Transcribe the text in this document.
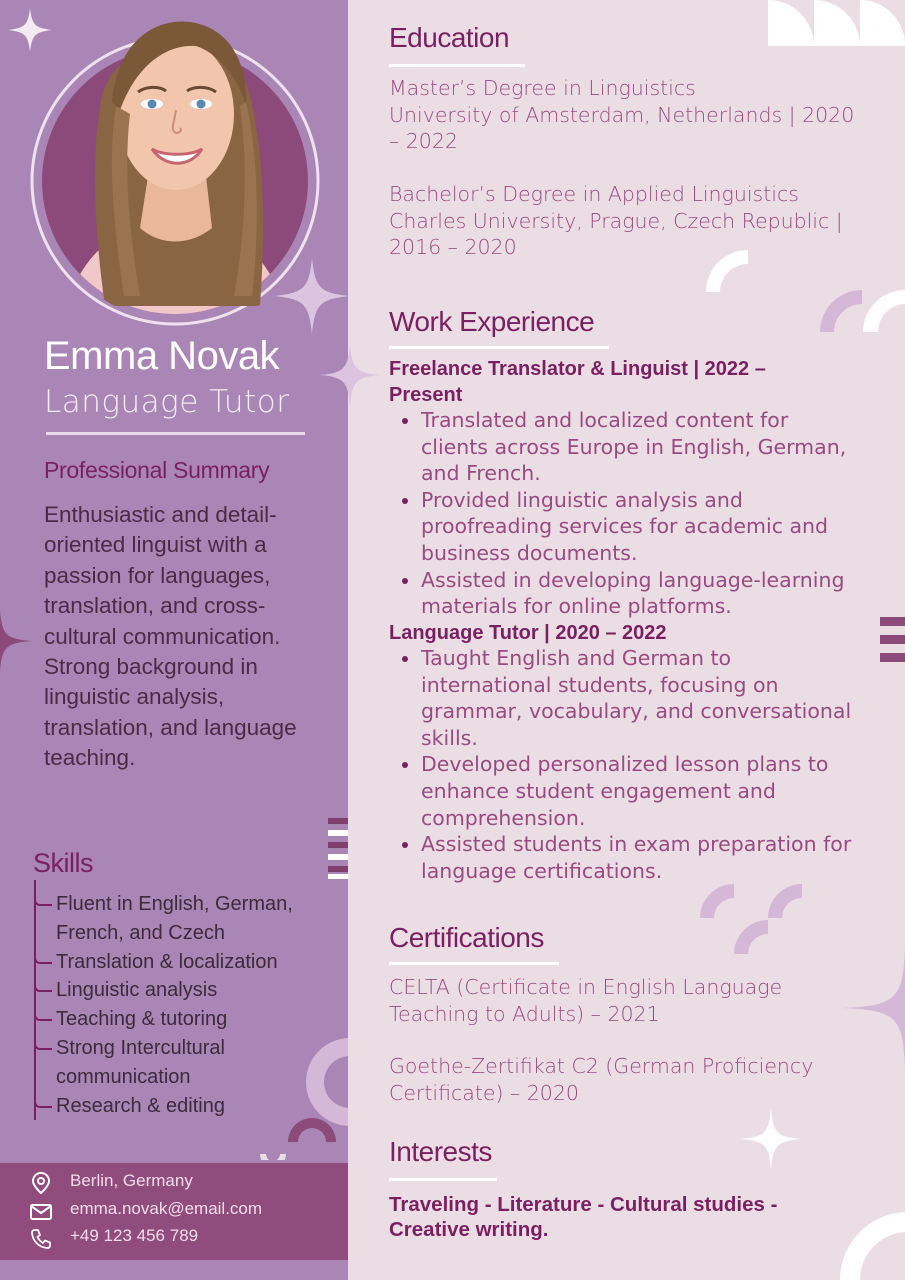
Emma Novak
Language Tutor
Professional Summary
Enthusiastic and detail-oriented linguist with a passion for languages, translation, and cross-cultural communication. Strong background in linguistic analysis, translation, and language teaching.
Skills
Fluent in English, German, French, and Czech
Translation & localization
Linguistic analysis
Teaching & tutoring
Strong Intercultural communication
Research & editing
Berlin, Germany
emma.novak@email.com
+49 123 456 789
Education
Master’s Degree in Linguistics
University of Amsterdam, Netherlands | 2020 – 2022
Bachelor’s Degree in Applied Linguistics
Charles University, Prague, Czech Republic | 2016 – 2020
Work Experience
Freelance Translator & Linguist | 2022 – Present
• Translated and localized content for clients across Europe in English, German, and French.
• Provided linguistic analysis and proofreading services for academic and business documents.
• Assisted in developing language-learning materials for online platforms.
Language Tutor | 2020 – 2022
• Taught English and German to international students, focusing on grammar, vocabulary, and conversational skills.
• Developed personalized lesson plans to enhance student engagement and comprehension.
• Assisted students in exam preparation for language certifications.
Certifications
CELTA (Certificate in English Language Teaching to Adults) – 2021
Goethe-Zertifikat C2 (German Proficiency Certificate) – 2020
Interests
Traveling - Literature - Cultural studies - Creative writing.
